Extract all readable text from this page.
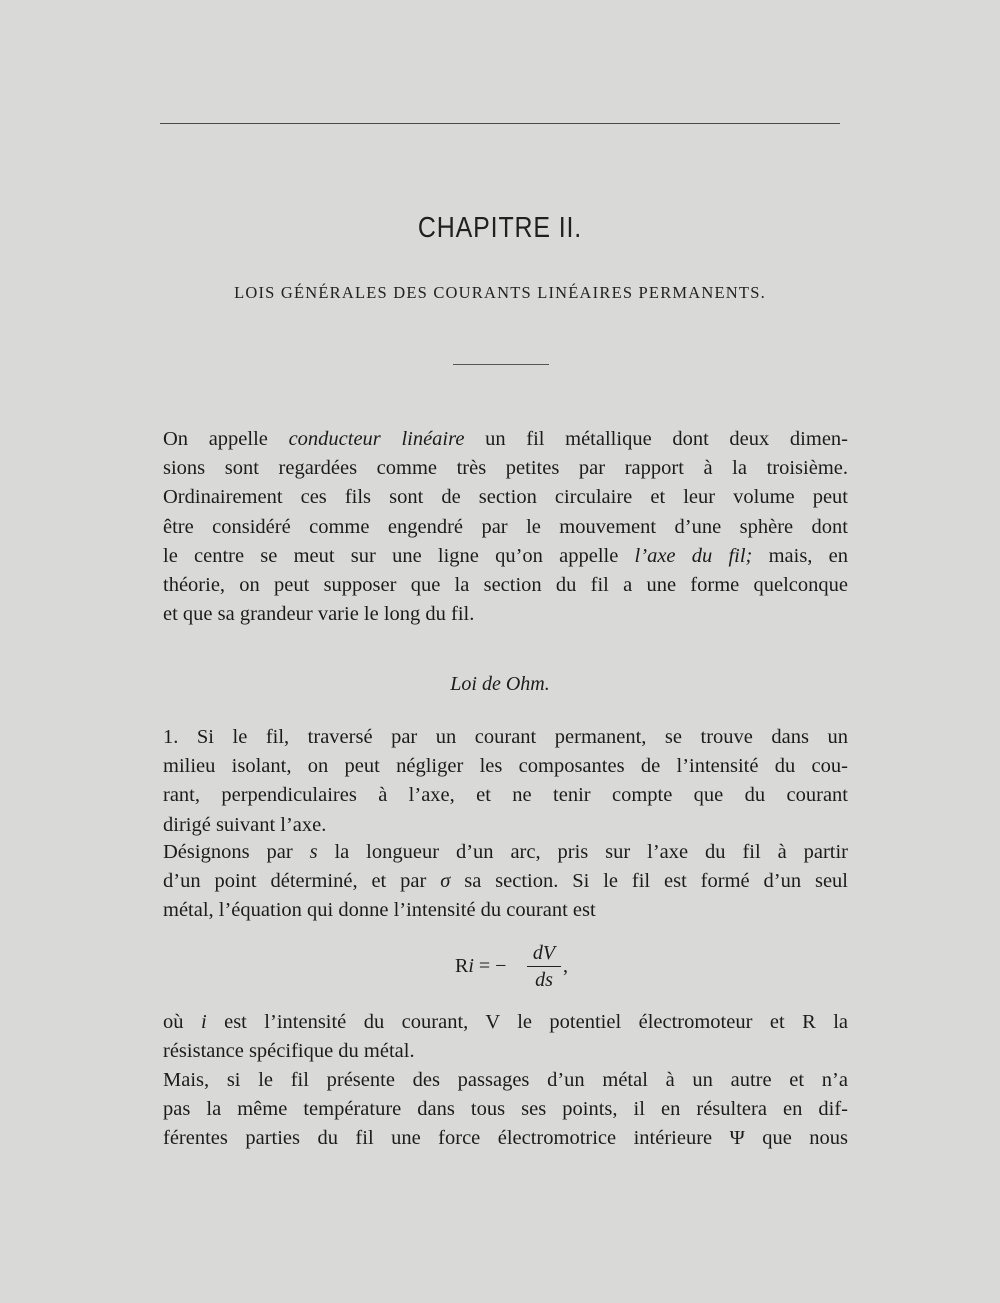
CHAPITRE II.
LOIS GÉNÉRALES DES COURANTS LINÉAIRES PERMANENTS.
On appelle conducteur linéaire un fil métallique dont deux dimen-
sions sont regardées comme très petites par rapport à la troisième.
Ordinairement ces fils sont de section circulaire et leur volume peut
être considéré comme engendré par le mouvement d’une sphère dont
le centre se meut sur une ligne qu’on appelle l’axe du fil; mais, en
théorie, on peut supposer que la section du fil a une forme quelconque
et que sa grandeur varie le long du fil.
Loi de Ohm.
1. Si le fil, traversé par un courant permanent, se trouve dans un
milieu isolant, on peut négliger les composantes de l’intensité du cou-
rant, perpendiculaires à l’axe, et ne tenir compte que du courant
dirigé suivant l’axe.
Désignons par s la longueur d’un arc, pris sur l’axe du fil à partir
d’un point déterminé, et par σ sa section. Si le fil est formé d’un seul
métal, l’équation qui donne l’intensité du courant est
Ri = −
dV
ds
,
où i est l’intensité du courant, V le potentiel électromoteur et R la
résistance spécifique du métal.
Mais, si le fil présente des passages d’un métal à un autre et n’a
pas la même température dans tous ses points, il en résultera en dif-
férentes parties du fil une force électromotrice intérieure Ψ que nous
